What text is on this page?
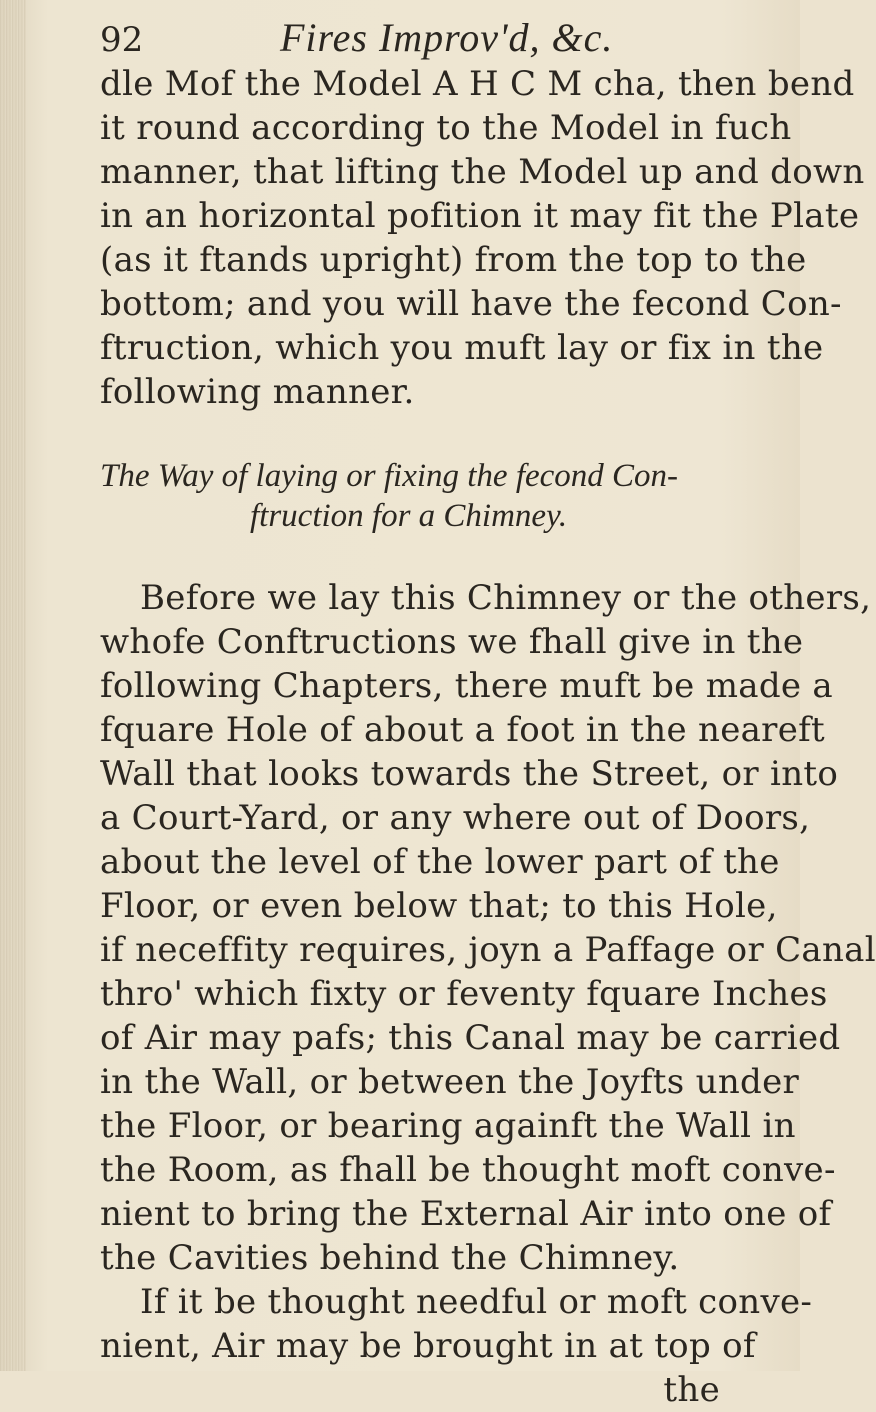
92	Fires Improv'd, &c.

dle Mof the Model A H C M cha, then bend

it round according to the Model in fuch

manner, that lifting the Model up and down

in an horizontal pofition it may fit the Plate

(as it ftands upright) from the top to the

bottom; and you will have the fecond Con-

ftruction, which you muft lay or fix in the

following manner.

The Way of laying or fixing the fecond Con-

ftruction for a Chimney.

Before we lay this Chimney or the others,

whofe Conftructions we fhall give in the

following Chapters, there muft be made a

fquare Hole of about a foot in the neareft

Wall that looks towards the Street, or into

a Court-Yard, or any where out of Doors,

about the level of the lower part of the

Floor, or even below that; to this Hole,

if neceffity requires, joyn a Paffage or Canal

thro' which fixty or feventy fquare Inches

of Air may pafs; this Canal may be carried

in the Wall, or between the Joyfts under

the Floor, or bearing againft the Wall in

the Room, as fhall be thought moft conve-

nient to bring the External Air into one of

the Cavities behind the Chimney.

If it be thought needful or moft conve-

nient, Air may be brought in at top of

the
